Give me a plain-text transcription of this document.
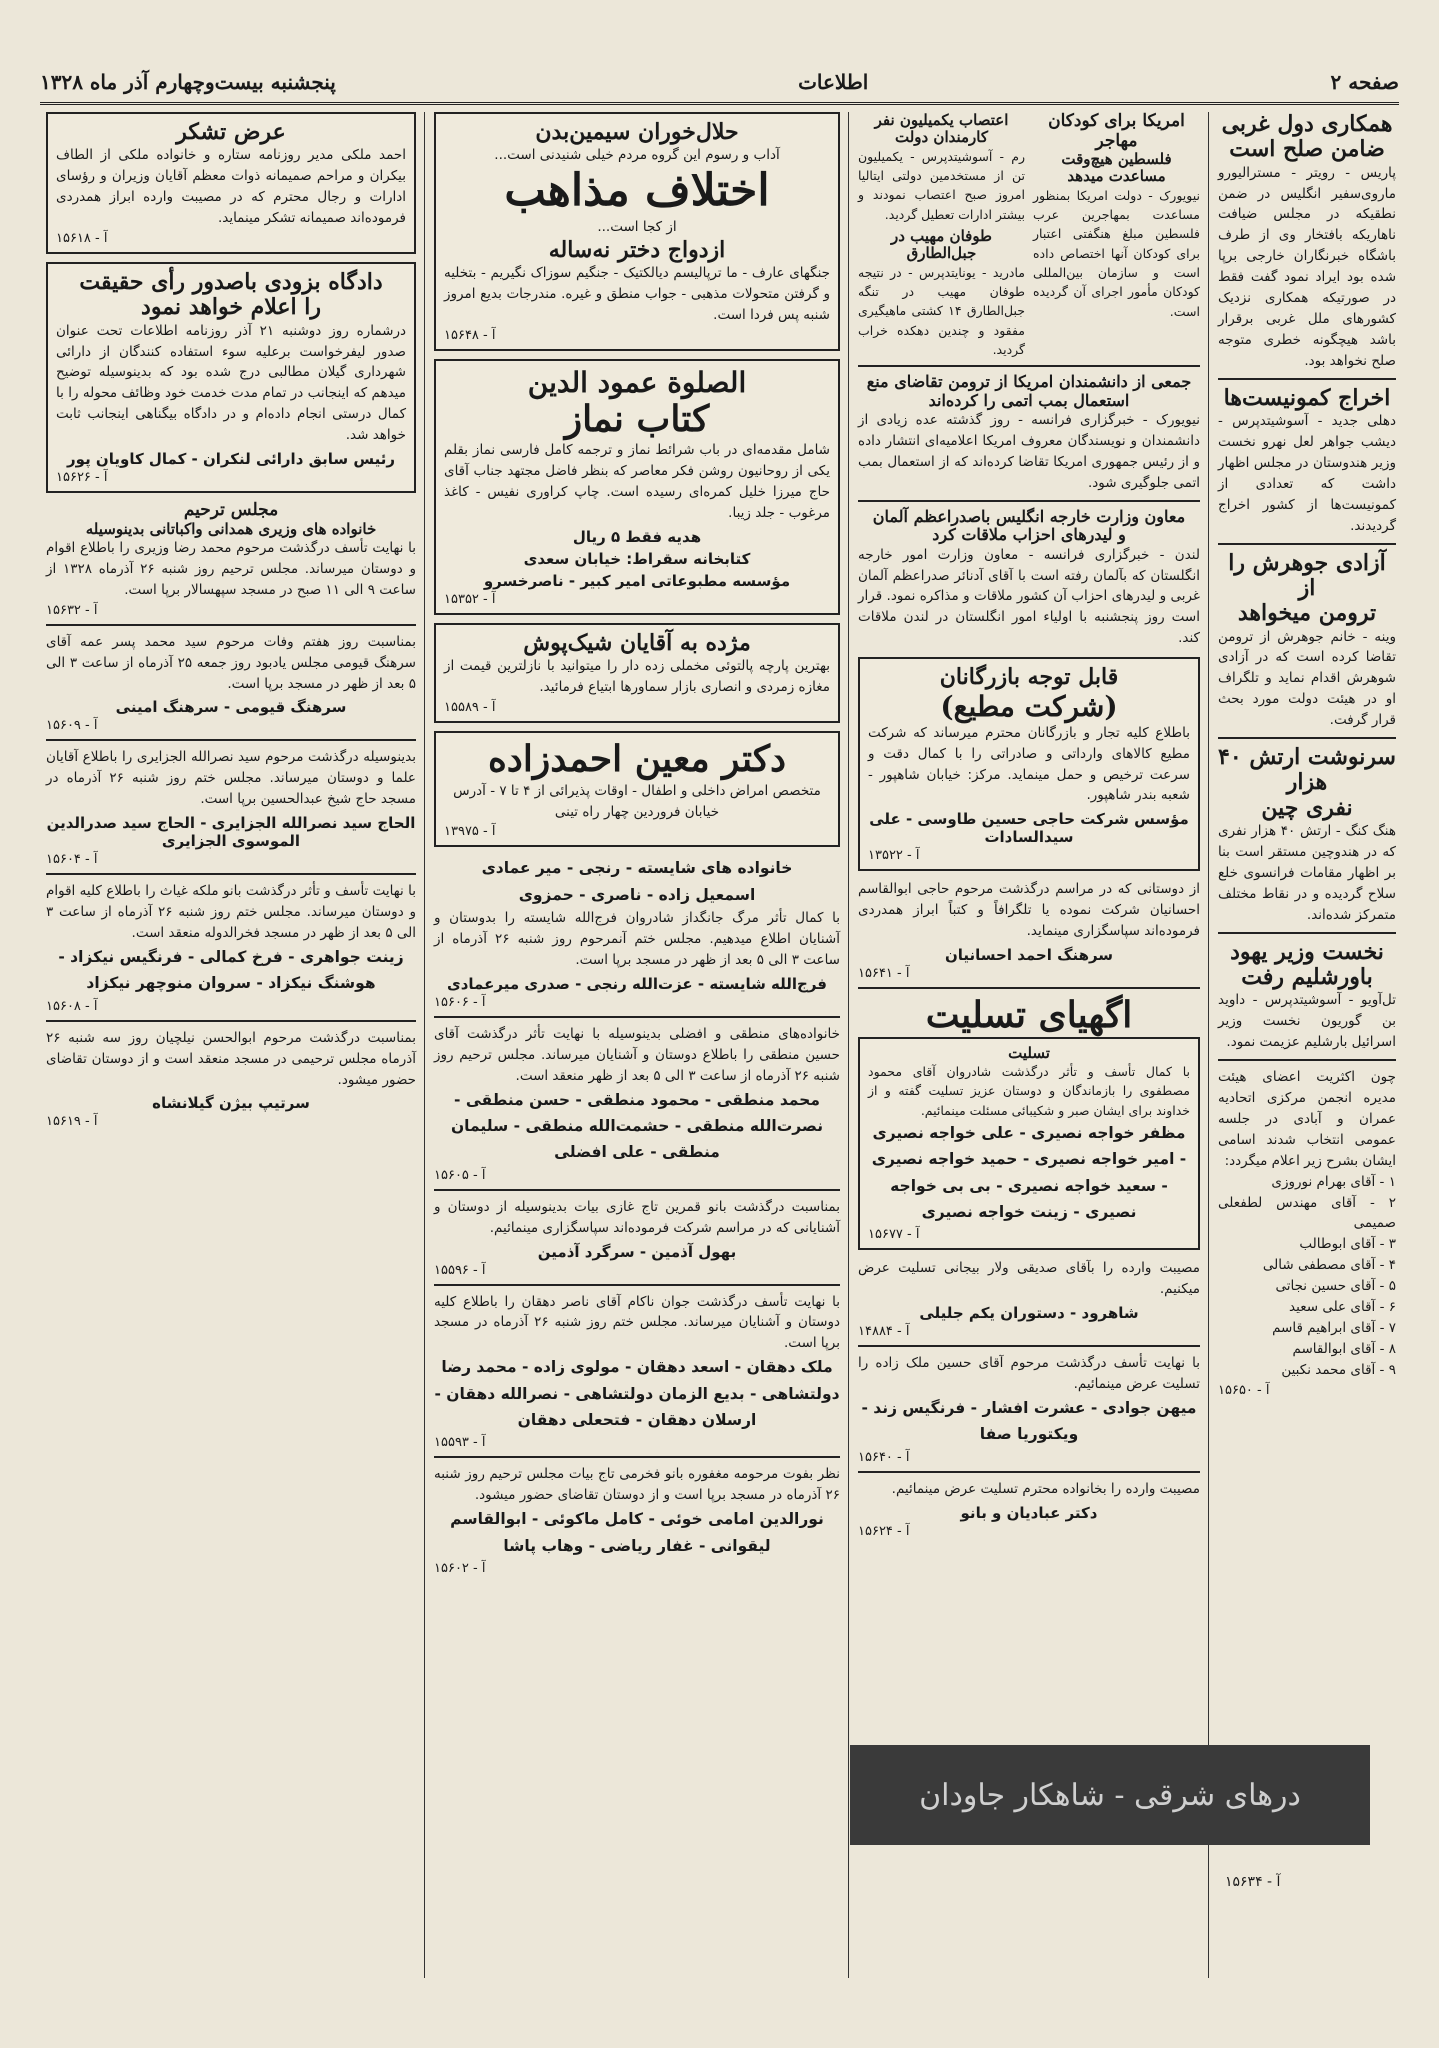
صفحه ۲
اطلاعات
پنجشنبه بیست‌وچهارم آذر ماه ۱۳۲۸
همکاری دول غربی
ضامن صلح است
پاریس - رویتر - مسترالیورو ماروی‌سفیر انگلیس در ضمن نطقیکه در مجلس ضیافت ناهاریکه بافتخار وی از طرف باشگاه خبرنگاران خارجی برپا شده بود ایراد نمود گفت فقط در صورتیکه همکاری نزدیک کشورهای ملل غربی برقرار باشد هیچگونه خطری متوجه صلح نخواهد بود.
اخراج کمونیست‌ها
دهلی جدید - آسوشیتدپرس - دیشب جواهر لعل نهرو نخست وزیر هندوستان در مجلس اظهار داشت که تعدادی از کمونیست‌ها از کشور اخراج گردیدند.
آزادی جوهرش را از
ترومن میخواهد
وینه - خانم جوهرش از ترومن تقاضا کرده است که در آزادی شوهرش اقدام نماید و تلگراف او در هیئت دولت مورد بحث قرار گرفت.
سرنوشت ارتش ۴۰ هزار
نفری چین
هنگ کنگ - ارتش ۴۰ هزار نفری که در هندوچین مستقر است بنا بر اظهار مقامات فرانسوی خلع سلاح گردیده و در نقاط مختلف متمرکز شده‌اند.
نخست وزیر یهود
باورشلیم رفت
تل‌آویو - آسوشیتدپرس - داوید بن گوریون نخست وزیر اسرائیل بارشلیم عزیمت نمود.
چون اکثریت اعضای هیئت مدیره انجمن مرکزی اتحادیه عمران و آبادی در جلسه عمومی انتخاب شدند اسامی ایشان بشرح زیر اعلام میگردد:
۱ - آقای بهرام نوروزی
۲ - آقای مهندس لطفعلی صمیمی
۳ - آقای ابوطالب
۴ - آقای مصطفی شالی
۵ - آقای حسین نجاتی
۶ - آقای علی سعید
۷ - آقای ابراهیم قاسم
۸ - آقای ابوالقاسم
۹ - آقای محمد نکبین
آ - ۱۵۶۵۰
امریکا برای کودکان مهاجر
فلسطین هیچ‌وقت مساعدت میدهد
نیویورک - دولت امریکا بمنظور مساعدت بمهاجرین عرب فلسطین مبلغ هنگفتی اعتبار برای کودکان آنها اختصاص داده است و سازمان بین‌المللی کودکان مأمور اجرای آن گردیده است.
اعتصاب یکمیلیون نفر کارمندان دولت
رم - آسوشیتدپرس - یکمیلیون تن از مستخدمین دولتی ایتالیا امروز صبح اعتصاب نمودند و بیشتر ادارات تعطیل گردید.
طوفان مهیب در جبل‌الطارق
مادرید - یونایتدپرس - در نتیجه طوفان مهیب در تنگه جبل‌الطارق ۱۴ کشتی ماهیگیری مفقود و چندین دهکده خراب گردید.
جمعی از دانشمندان امریکا از ترومن تقاضای منع
استعمال بمب اتمی را کرده‌اند
نیویورک - خبرگزاری فرانسه - روز گذشته عده زیادی از دانشمندان و نویسندگان معروف امریکا اعلامیه‌ای انتشار داده و از رئیس جمهوری امریکا تقاضا کرده‌اند که از استعمال بمب اتمی جلوگیری شود.
معاون وزارت خارجه انگلیس باصدراعظم آلمان
و لیدرهای احزاب ملاقات کرد
لندن - خبرگزاری فرانسه - معاون وزارت امور خارجه انگلستان که بآلمان رفته است با آقای آدنائر صدراعظم آلمان غربی و لیدرهای احزاب آن کشور ملاقات و مذاکره نمود. قرار است روز پنجشنبه با اولیاء امور انگلستان در لندن ملاقات کند.
قابل توجه بازرگانان
(شرکت مطیع)
باطلاع کلیه تجار و بازرگانان محترم میرساند که شرکت مطیع کالاهای وارداتی و صادراتی را با کمال دقت و سرعت ترخیص و حمل مینماید. مرکز: خیابان شاهپور - شعبه بندر شاهپور.
مؤسس شرکت حاجی حسین طاوسی - علی سیدالسادات
آ - ۱۳۵۲۲
از دوستانی که در مراسم درگذشت مرحوم حاجی ابوالقاسم احسانیان شرکت نموده یا تلگرافاً و کتباً ابراز همدردی فرموده‌اند سپاسگزاری مینماید.
سرهنگ احمد احسانیان
آ - ۱۵۶۴۱
اگهیای تسلیت
تسلیت
با کمال تأسف و تأثر درگذشت شادروان آقای محمود مصطفوی را بازماندگان و دوستان عزیز تسلیت گفته و از خداوند برای ایشان صبر و شکیبائی مسئلت مینمائیم.
مظفر خواجه نصیری - علی خواجه نصیری - امیر خواجه نصیری - حمید خواجه نصیری - سعید خواجه نصیری - بی بی خواجه نصیری - زینت خواجه نصیری
آ - ۱۵۶۷۷
مصیبت وارده را بآقای صدیقی ولار بیجانی تسلیت عرض میکنیم.
شاهرود - دستوران یکم جلیلی
آ - ۱۴۸۸۴
با نهایت تأسف درگذشت مرحوم آقای حسین ملک زاده را تسلیت عرض مینمائیم.
میهن جوادی - عشرت افشار - فرنگیس زند - ویکتوریا صفا
آ - ۱۵۶۴۰
مصیبت وارده را بخانواده محترم تسلیت عرض مینمائیم.
دکتر عبادیان و بانو
آ - ۱۵۶۲۴
درهای شرقی - شاهکار جاودان
حلال‌خوران سیمین‌بدن
آداب و رسوم این گروه مردم خیلی شنیدنی است...
اختلاف مذاهب
از کجا است...
ازدواج دختر نه‌ساله
جنگهای عارف - ما ترپالیسم دیالکتیک - جنگیم سوزاک نگیریم - بتخلیه و گرفتن متحولات مذهبی - جواب منطق و غیره. مندرجات بدیع امروز شنبه پس فردا است.
آ - ۱۵۶۴۸
الصلوة عمود الدین
کتاب نماز
شامل مقدمه‌ای در باب شرائط نماز و ترجمه کامل فارسی نماز بقلم یکی از روحانیون روشن فکر معاصر که بنظر فاضل مجتهد جناب آقای حاج میرزا خلیل کمره‌ای رسیده است. چاپ کراوری نفیس - کاغذ مرغوب - جلد زیبا.
هدیه فقط ۵ ریال
کتابخانه سقراط: خیابان سعدی
مؤسسه مطبوعاتی امیر کبیر - ناصرخسرو
آ - ۱۵۳۵۲
مژده به آقایان شیک‌پوش
بهترین پارچه پالتوئی مخملی زده دار را میتوانید با نازلترین قیمت از مغازه زمردی و انصاری بازار سماورها ابتیاع فرمائید.
آ - ۱۵۵۸۹
دکتر معین احمدزاده
متخصص امراض داخلی و اطفال - اوقات پذیرائی از ۴ تا ۷ - آدرس خیابان فروردین چهار راه تینی
آ - ۱۳۹۷۵
خانواده های شایسته - رنجی - میر عمادی
اسمعیل زاده - ناصری - حمزوی
با کمال تأثر مرگ جانگداز شادروان فرج‌الله شایسته را بدوستان و آشنایان اطلاع میدهیم. مجلس ختم آنمرحوم روز شنبه ۲۶ آذرماه از ساعت ۳ الی ۵ بعد از ظهر در مسجد برپا است.
فرج‌الله شایسته - عزت‌الله رنجی - صدری میرعمادی
آ - ۱۵۶۰۶
خانواده‌های منطقی و افضلی بدینوسیله با نهایت تأثر درگذشت آقای حسین منطقی را باطلاع دوستان و آشنایان میرساند. مجلس ترحیم روز شنبه ۲۶ آذرماه از ساعت ۳ الی ۵ بعد از ظهر منعقد است.
محمد منطقی - محمود منطقی - حسن منطقی - نصرت‌الله منطقی - حشمت‌الله منطقی - سلیمان منطقی - علی افضلی
آ - ۱۵۶۰۵
بمناسبت درگذشت بانو قمرین تاج غازی بیات بدینوسیله از دوستان و آشنایانی که در مراسم شرکت فرموده‌اند سپاسگزاری مینمائیم.
بهول آذمین - سرگرد آذمین
آ - ۱۵۵۹۶
با نهایت تأسف درگذشت جوان ناکام آقای ناصر دهقان را باطلاع کلیه دوستان و آشنایان میرساند. مجلس ختم روز شنبه ۲۶ آذرماه در مسجد برپا است.
ملک دهقان - اسعد دهقان - مولوی زاده - محمد رضا دولتشاهی - بدیع الزمان دولتشاهی - نصرالله دهقان - ارسلان دهقان - فتحعلی دهقان
آ - ۱۵۵۹۳
نظر بفوت مرحومه مغفوره بانو فخرمی تاج بیات مجلس ترحیم روز شنبه ۲۶ آذرماه در مسجد برپا است و از دوستان تقاضای حضور میشود.
نورالدین امامی خوئی - کامل ماکوئی - ابوالقاسم لیقوانی - غفار ریاضی - وهاب پاشا
آ - ۱۵۶۰۲
عرض تشکر
احمد ملکی مدیر روزنامه ستاره و خانواده ملکی از الطاف بیکران و مراحم صمیمانه ذوات معظم آقایان وزیران و رؤسای ادارات و رجال محترم که در مصیبت وارده ابراز همدردی فرموده‌اند صمیمانه تشکر مینماید.
آ - ۱۵۶۱۸
دادگاه بزودی باصدور رأی حقیقت
را اعلام خواهد نمود
درشماره روز دوشنبه ۲۱ آذر روزنامه اطلاعات تحت عنوان صدور لیفرخواست برعلیه سوء استفاده کنندگان از دارائی شهرداری گیلان مطالبی درج شده بود که بدینوسیله توضیح میدهم که اینجانب در تمام مدت خدمت خود وظائف محوله را با کمال درستی انجام داده‌ام و در دادگاه بیگناهی اینجانب ثابت خواهد شد.
رئیس سابق دارائی لنکران - کمال کاویان پور
آ - ۱۵۶۲۶
مجلس ترحیم
خانواده های وزیری همدانی واکباتانی بدینوسیله
با نهایت تأسف درگذشت مرحوم محمد رضا وزیری را باطلاع اقوام و دوستان میرساند. مجلس ترحیم روز شنبه ۲۶ آذرماه ۱۳۲۸ از ساعت ۹ الی ۱۱ صبح در مسجد سپهسالار برپا است.
آ - ۱۵۶۳۲
بمناسبت روز هفتم وفات مرحوم سید محمد پسر عمه آقای سرهنگ قیومی مجلس یادبود روز جمعه ۲۵ آذرماه از ساعت ۳ الی ۵ بعد از ظهر در مسجد برپا است.
سرهنگ قیومی - سرهنگ امینی
آ - ۱۵۶۰۹
بدینوسیله درگذشت مرحوم سید نصرالله الجزایری را باطلاع آقایان علما و دوستان میرساند. مجلس ختم روز شنبه ۲۶ آذرماه در مسجد حاج شیخ عبدالحسین برپا است.
الحاج سید نصرالله الجزایری - الحاج سید صدرالدین الموسوی الجزایری
آ - ۱۵۶۰۴
با نهایت تأسف و تأثر درگذشت بانو ملکه غیاث را باطلاع کلیه اقوام و دوستان میرساند. مجلس ختم روز شنبه ۲۶ آذرماه از ساعت ۳ الی ۵ بعد از ظهر در مسجد فخرالدوله منعقد است.
زینت جواهری - فرخ کمالی - فرنگیس نیکزاد - هوشنگ نیکزاد - سروان منوچهر نیکزاد
آ - ۱۵۶۰۸
بمناسبت درگذشت مرحوم ابوالحسن نیلچیان روز سه شنبه ۲۶ آذرماه مجلس ترحیمی در مسجد منعقد است و از دوستان تقاضای حضور میشود.
سرتیپ بیژن گیلانشاه
آ - ۱۵۶۱۹
آ - ۱۵۶۳۴
